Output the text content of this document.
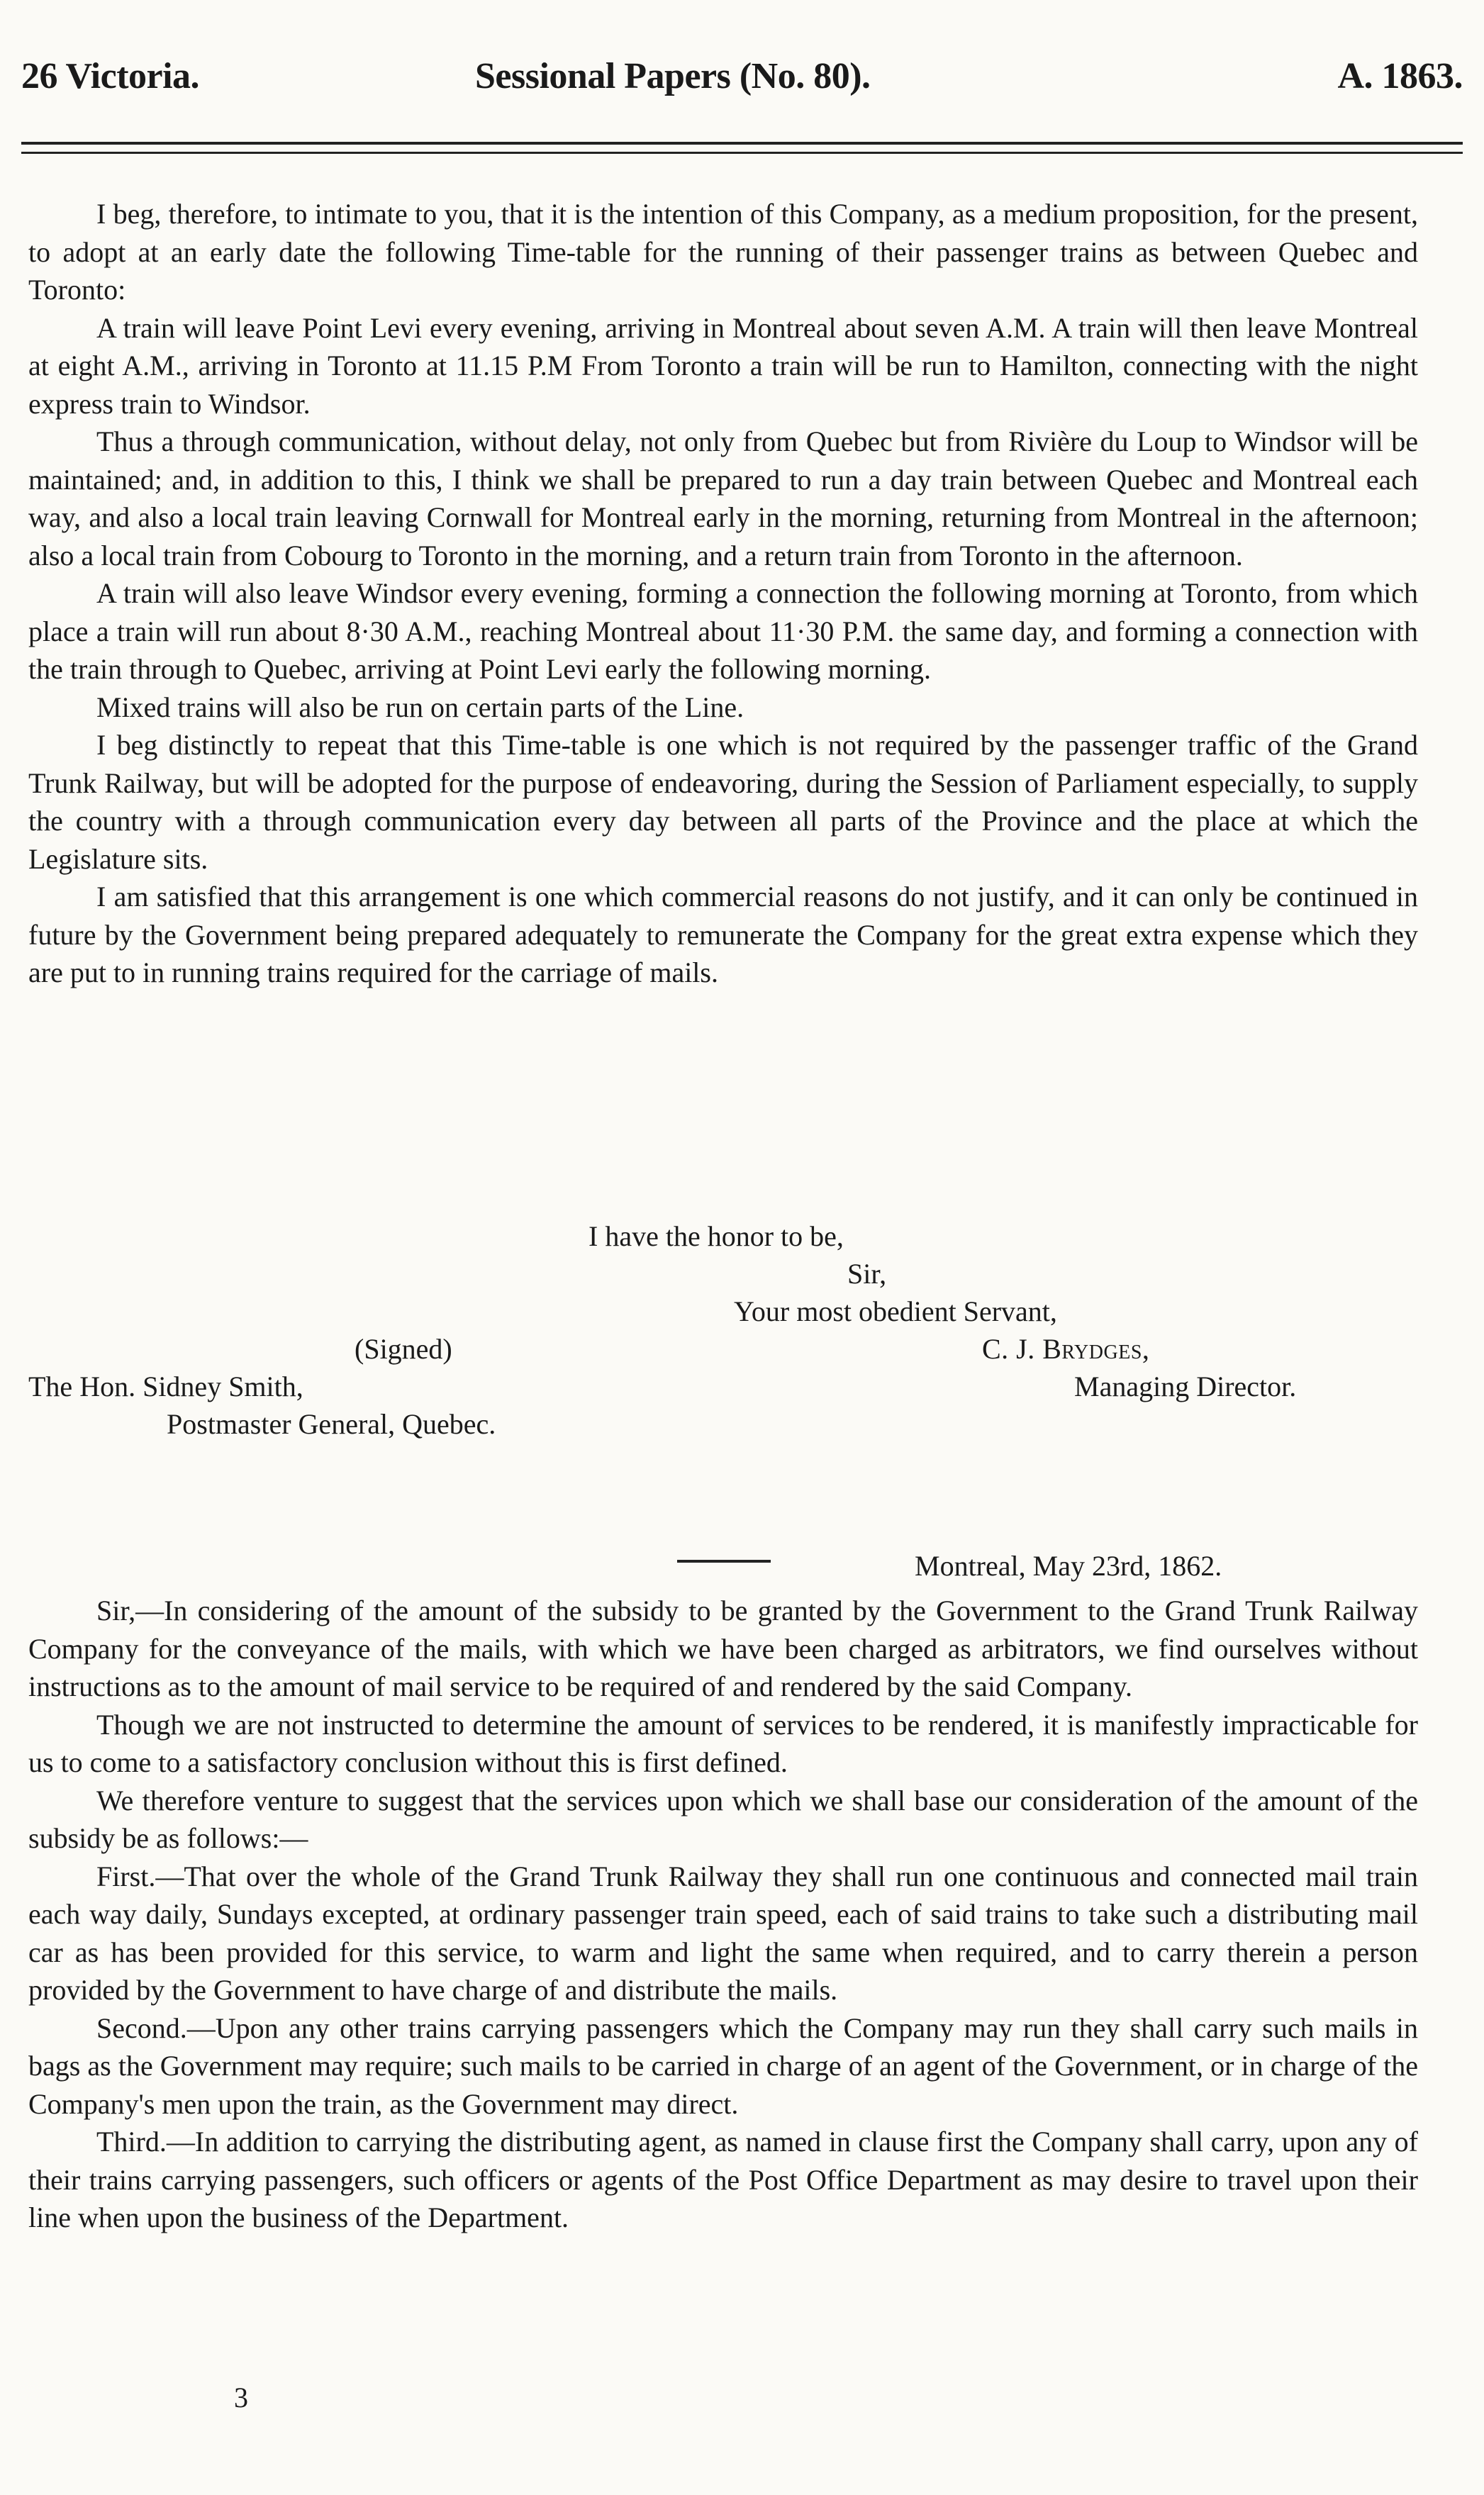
26 Victoria.	Sessional Papers (No. 80).	A. 1863.

I beg, therefore, to intimate to you, that it is the intention of this Company, as a medium proposition, for the present, to adopt at an early date the following Time-table for the running of their passenger trains as between Quebec and Toronto:

A train will leave Point Levi every evening, arriving in Montreal about seven A.M. A train will then leave Montreal at eight A.M., arriving in Toronto at 11.15 P.M From Toronto a train will be run to Hamilton, connecting with the night express train to Windsor.

Thus a through communication, without delay, not only from Quebec but from Rivière du Loup to Windsor will be maintained; and, in addition to this, I think we shall be prepared to run a day train between Quebec and Montreal each way, and also a local train leaving Cornwall for Montreal early in the morning, returning from Montreal in the afternoon; also a local train from Cobourg to Toronto in the morning, and a return train from Toronto in the afternoon.

A train will also leave Windsor every evening, forming a connection the following morning at Toronto, from which place a train will run about 8·30 A.M., reaching Montreal about 11·30 P.M. the same day, and forming a connection with the train through to Quebec, arriving at Point Levi early the following morning.

Mixed trains will also be run on certain parts of the Line.

I beg distinctly to repeat that this Time-table is one which is not required by the passenger traffic of the Grand Trunk Railway, but will be adopted for the purpose of endeavoring, during the Session of Parliament especially, to supply the country with a through communication every day between all parts of the Province and the place at which the Legislature sits.

I am satisfied that this arrangement is one which commercial reasons do not justify, and it can only be continued in future by the Government being prepared adequately to remunerate the Company for the great extra expense which they are put to in running trains required for the carriage of mails.

I have the honor to be,
Sir,
Your most obedient Servant,
(Signed)	C. J. Brydges,
The Hon. Sidney Smith,	Managing Director.
Postmaster General, Quebec.
Montreal, May 23rd, 1862.

Sir,—In considering of the amount of the subsidy to be granted by the Government to the Grand Trunk Railway Company for the conveyance of the mails, with which we have been charged as arbitrators, we find ourselves without instructions as to the amount of mail service to be required of and rendered by the said Company.

Though we are not instructed to determine the amount of services to be rendered, it is manifestly impracticable for us to come to a satisfactory conclusion without this is first defined.

We therefore venture to suggest that the services upon which we shall base our consideration of the amount of the subsidy be as follows:—

First.—That over the whole of the Grand Trunk Railway they shall run one continuous and connected mail train each way daily, Sundays excepted, at ordinary passenger train speed, each of said trains to take such a distributing mail car as has been provided for this service, to warm and light the same when required, and to carry therein a person provided by the Government to have charge of and distribute the mails.

Second.—Upon any other trains carrying passengers which the Company may run they shall carry such mails in bags as the Government may require; such mails to be carried in charge of an agent of the Government, or in charge of the Company's men upon the train, as the Government may direct.

Third.—In addition to carrying the distributing agent, as named in clause first the Company shall carry, upon any of their trains carrying passengers, such officers or agents of the Post Office Department as may desire to travel upon their line when upon the business of the Department.

3
